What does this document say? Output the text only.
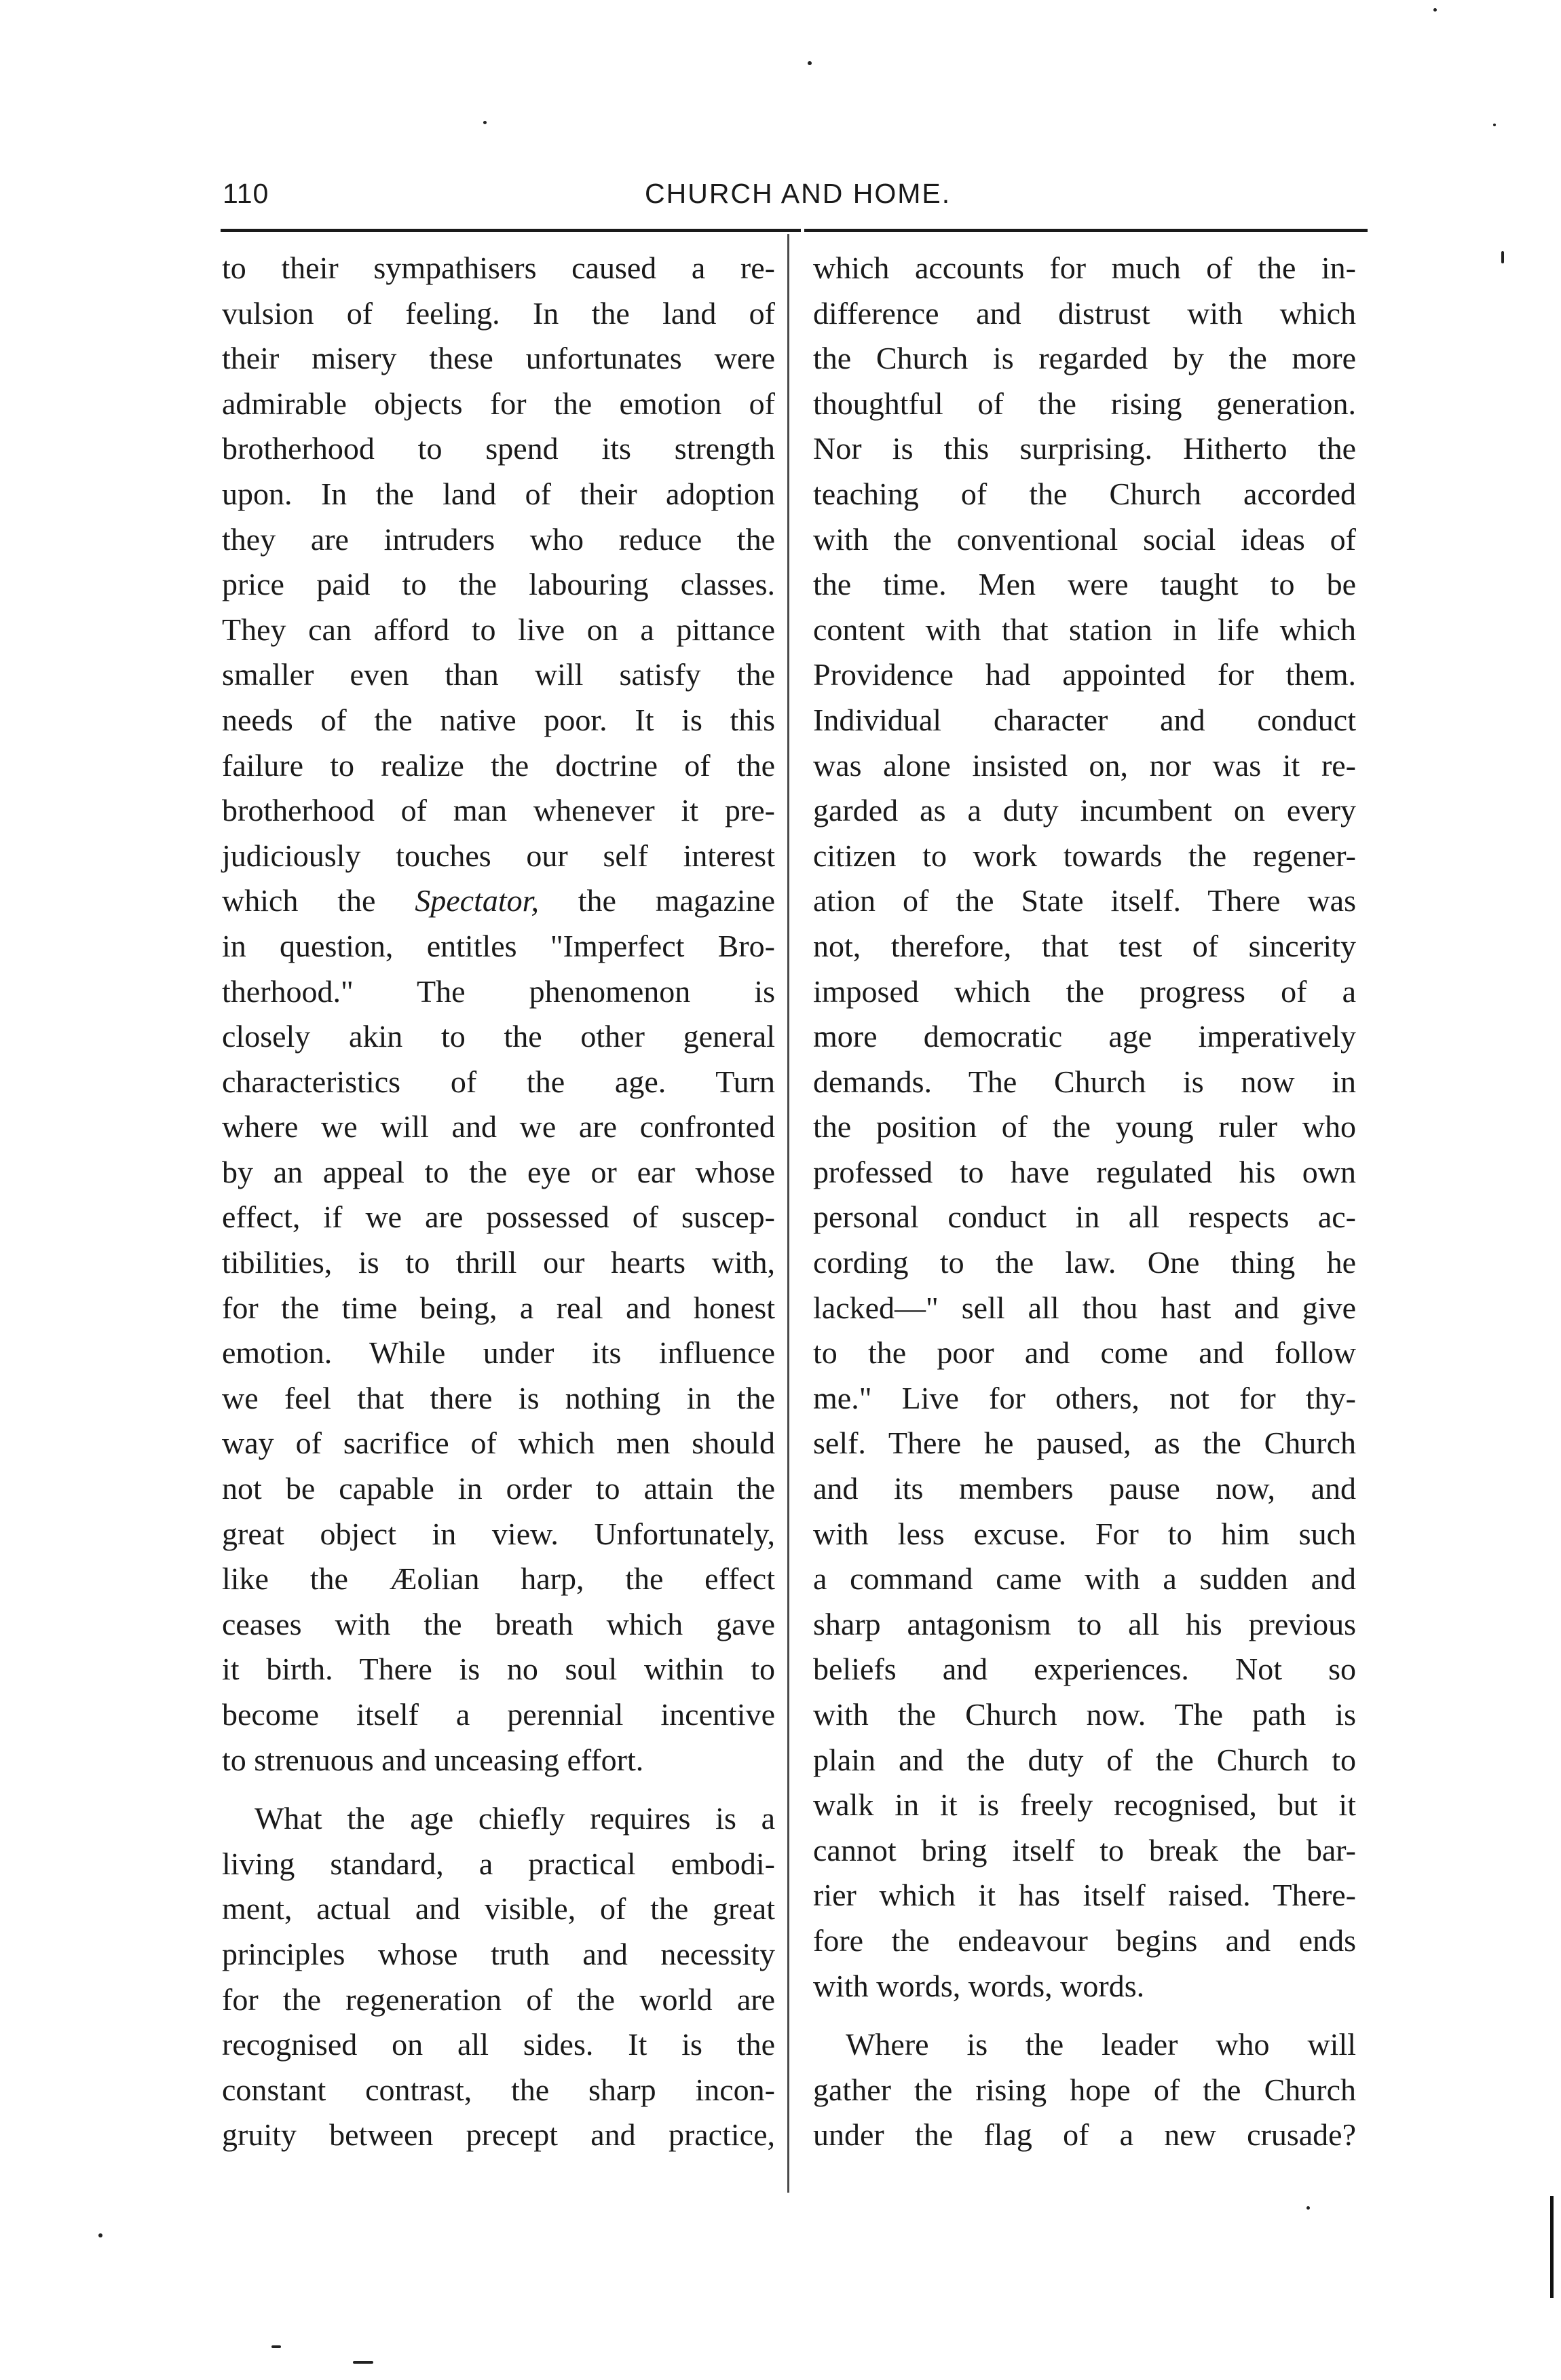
110	CHURCH AND HOME.
to their sympathisers caused a re-
vulsion of feeling. In the land of
their misery these unfortunates were
admirable objects for the emotion of
brotherhood to spend its strength
upon. In the land of their adoption
they are intruders who reduce the
price paid to the labouring classes.
They can afford to live on a pittance
smaller even than will satisfy the
needs of the native poor. It is this
failure to realize the doctrine of the
brotherhood of man whenever it pre-
judiciously touches our self interest
which the Spectator, the magazine
in question, entitles "Imperfect Bro-
therhood." The phenomenon is
closely akin to the other general
characteristics of the age. Turn
where we will and we are confronted
by an appeal to the eye or ear whose
effect, if we are possessed of suscep-
tibilities, is to thrill our hearts with,
for the time being, a real and honest
emotion. While under its influence
we feel that there is nothing in the
way of sacrifice of which men should
not be capable in order to attain the
great object in view. Unfortunately,
like the Æolian harp, the effect
ceases with the breath which gave
it birth. There is no soul within to
become itself a perennial incentive
to strenuous and unceasing effort.
What the age chiefly requires is a
living standard, a practical embodi-
ment, actual and visible, of the great
principles whose truth and necessity
for the regeneration of the world are
recognised on all sides. It is the
constant contrast, the sharp incon-
gruity between precept and practice,
which accounts for much of the in-
difference and distrust with which
the Church is regarded by the more
thoughtful of the rising generation.
Nor is this surprising. Hitherto the
teaching of the Church accorded
with the conventional social ideas of
the time. Men were taught to be
content with that station in life which
Providence had appointed for them.
Individual character and conduct
was alone insisted on, nor was it re-
garded as a duty incumbent on every
citizen to work towards the regener-
ation of the State itself. There was
not, therefore, that test of sincerity
imposed which the progress of a
more democratic age imperatively
demands. The Church is now in
the position of the young ruler who
professed to have regulated his own
personal conduct in all respects ac-
cording to the law. One thing he
lacked—" sell all thou hast and give
to the poor and come and follow
me." Live for others, not for thy-
self. There he paused, as the Church
and its members pause now, and
with less excuse. For to him such
a command came with a sudden and
sharp antagonism to all his previous
beliefs and experiences. Not so
with the Church now. The path is
plain and the duty of the Church to
walk in it is freely recognised, but it
cannot bring itself to break the bar-
rier which it has itself raised. There-
fore the endeavour begins and ends
with words, words, words.
Where is the leader who will
gather the rising hope of the Church
under the flag of a new crusade?
